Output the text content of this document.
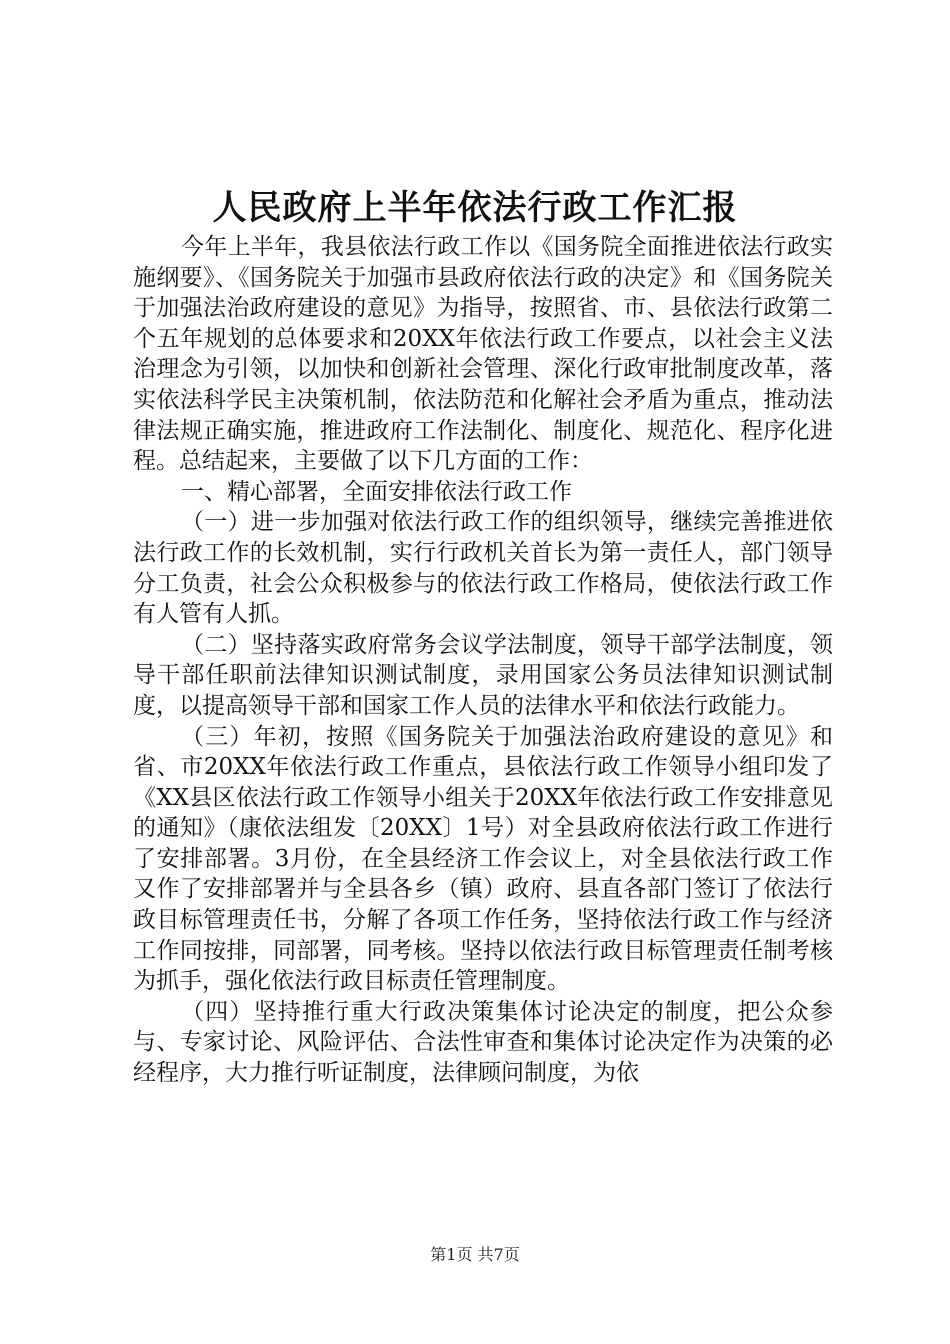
人民政府上半年依法行政工作汇报

今年上半年，我县依法行政工作以《国务院全面推进依法行政实施纲要》、《国务院关于加强市县政府依法行政的决定》和《国务院关于加强法治政府建设的意见》为指导，按照省、市、县依法行政第二个五年规划的总体要求和20XX年依法行政工作要点，以社会主义法治理念为引领，以加快和创新社会管理、深化行政审批制度改革，落实依法科学民主决策机制，依法防范和化解社会矛盾为重点，推动法律法规正确实施，推进政府工作法制化、制度化、规范化、程序化进程。总结起来，主要做了以下几方面的工作：

一、精心部署，全面安排依法行政工作

（一）进一步加强对依法行政工作的组织领导，继续完善推进依法行政工作的长效机制，实行行政机关首长为第一责任人，部门领导分工负责，社会公众积极参与的依法行政工作格局，使依法行政工作有人管有人抓。

（二）坚持落实政府常务会议学法制度，领导干部学法制度，领导干部任职前法律知识测试制度，录用国家公务员法律知识测试制度，以提高领导干部和国家工作人员的法律水平和依法行政能力。

（三）年初，按照《国务院关于加强法治政府建设的意见》和省、市20XX年依法行政工作重点，县依法行政工作领导小组印发了《XX县区依法行政工作领导小组关于20XX年依法行政工作安排意见的通知》（康依法组发〔20XX〕1号）对全县政府依法行政工作进行了安排部署。3月份，在全县经济工作会议上，对全县依法行政工作又作了安排部署并与全县各乡（镇）政府、县直各部门签订了依法行政目标管理责任书，分解了各项工作任务，坚持依法行政工作与经济工作同按排，同部署，同考核。坚持以依法行政目标管理责任制考核为抓手，强化依法行政目标责任管理制度。

（四）坚持推行重大行政决策集体讨论决定的制度，把公众参与、专家讨论、风险评估、合法性审查和集体讨论决定作为决策的必经程序，大力推行听证制度，法律顾问制度，为依

第1页 共7页
